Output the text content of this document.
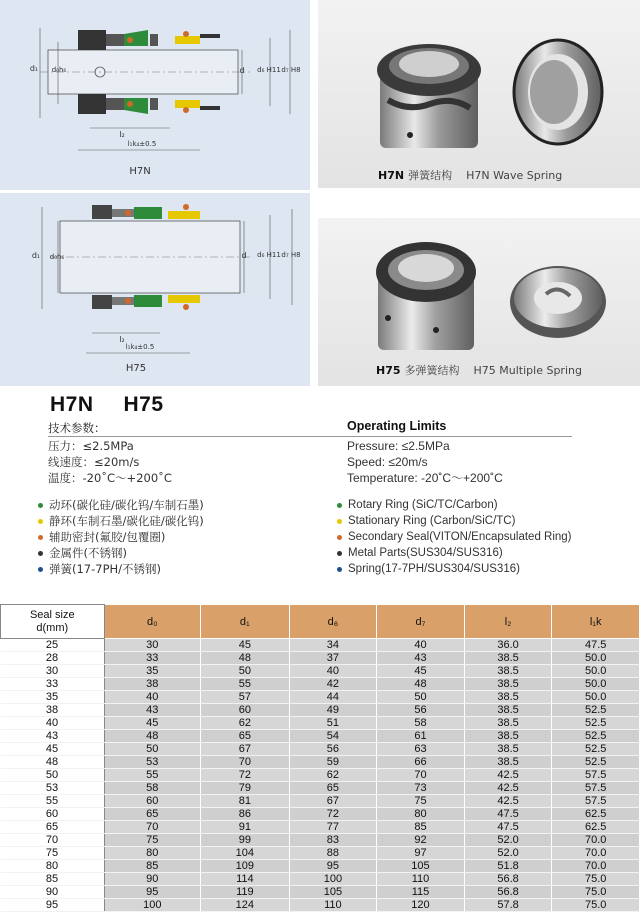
d₁	d₀h₆	d	d₆ H11 d₇ H8
l₂
l₁k₄±0.5
H7N
d₁	d₀h₆	d	d₆ H11 d₇ H8
l₂
l₁k₄±0.5
H75
H7N 弹簧结构 H7N Wave Spring
H75 多弹簧结构 H75 Multiple Spring
H7N H75
技术参数：	Operating Limits
压力：≤2.5MPa
线速度：≤20m/s
温度：-20˚C～+200˚C
Pressure: ≤2.5MPa
Speed: ≤20m/s
Temperature: -20˚C～+200˚C
动环(碳化硅/碳化钨/车制石墨)
静环(车制石墨/碳化硅/碳化钨)
辅助密封(氟胶/包覆圈)
金属件(不锈钢)
弹簧(17-7PH/不锈钢)
Rotary Ring (SiC/TC/Carbon)
Stationary Ring (Carbon/SiC/TC)
Secondary Seal(VITON/Encapsulated Ring)
Metal Parts(SUS304/SUS316)
Spring(17-7PH/SUS304/SUS316)
Seal size
d(mm)	d₀	d₁	d₆	d₇	l₂	l₁k
25	30	45	34	40	36.0	47.5
28	33	48	37	43	38.5	50.0
30	35	50	40	45	38.5	50.0
33	38	55	42	48	38.5	50.0
35	40	57	44	50	38.5	50.0
38	43	60	49	56	38.5	52.5
40	45	62	51	58	38.5	52.5
43	48	65	54	61	38.5	52.5
45	50	67	56	63	38.5	52.5
48	53	70	59	66	38.5	52.5
50	55	72	62	70	42.5	57.5
53	58	79	65	73	42.5	57.5
55	60	81	67	75	42.5	57.5
60	65	86	72	80	47.5	62.5
65	70	91	77	85	47.5	62.5
70	75	99	83	92	52.0	70.0
75	80	104	88	97	52.0	70.0
80	85	109	95	105	51.8	70.0
85	90	114	100	110	56.8	75.0
90	95	119	105	115	56.8	75.0
95	100	124	110	120	57.8	75.0
